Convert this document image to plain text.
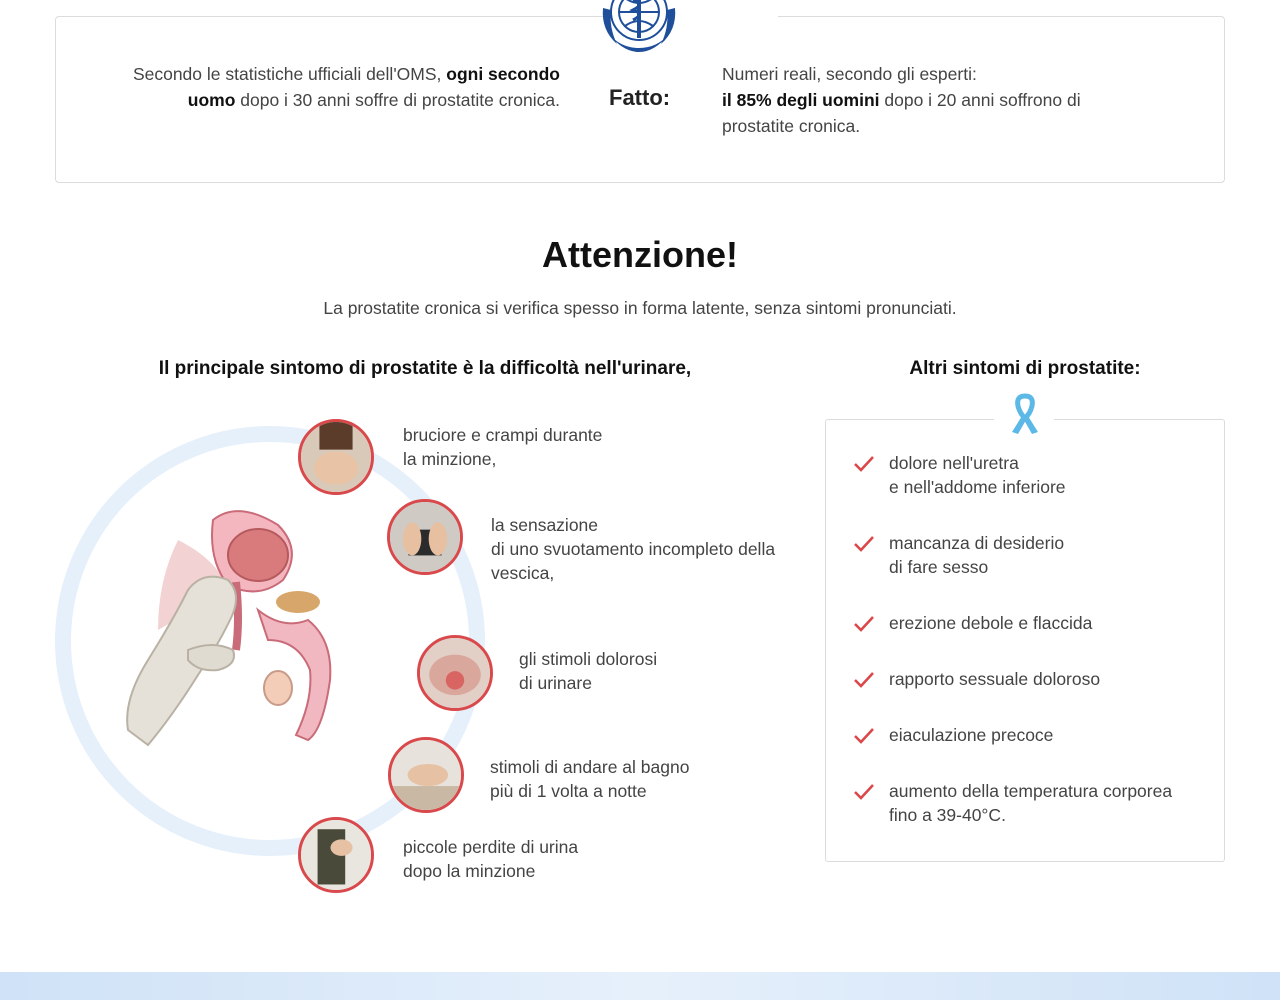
Secondo le statistiche ufficiali dell'OMS, ogni secondo uomo dopo i 30 anni soffre di prostatite cronica. Fatto:
Numeri reali, secondo gli esperti:
il 85% degli uomini dopo i 20 anni soffrono di prostatite cronica.
Attenzione!

La prostatite cronica si verifica spesso in forma latente, senza sintomi pronunciati.

Il principale sintomo di prostatite è la difficoltà nell'urinare,	Altri sintomi di prostatite:
bruciore e crampi durante
la minzione,
la sensazione
di uno svuotamento incompleto della
vescica,
gli stimoli dolorosi
di urinare
stimoli di andare al bagno
più di 1 volta a notte
piccole perdite di urina
dopo la minzione
dolore nell'uretra
e nell'addome inferiore
mancanza di desiderio
di fare sesso
erezione debole e flaccida
rapporto sessuale doloroso
eiaculazione precoce
aumento della temperatura corporea
fino a 39-40°C.
